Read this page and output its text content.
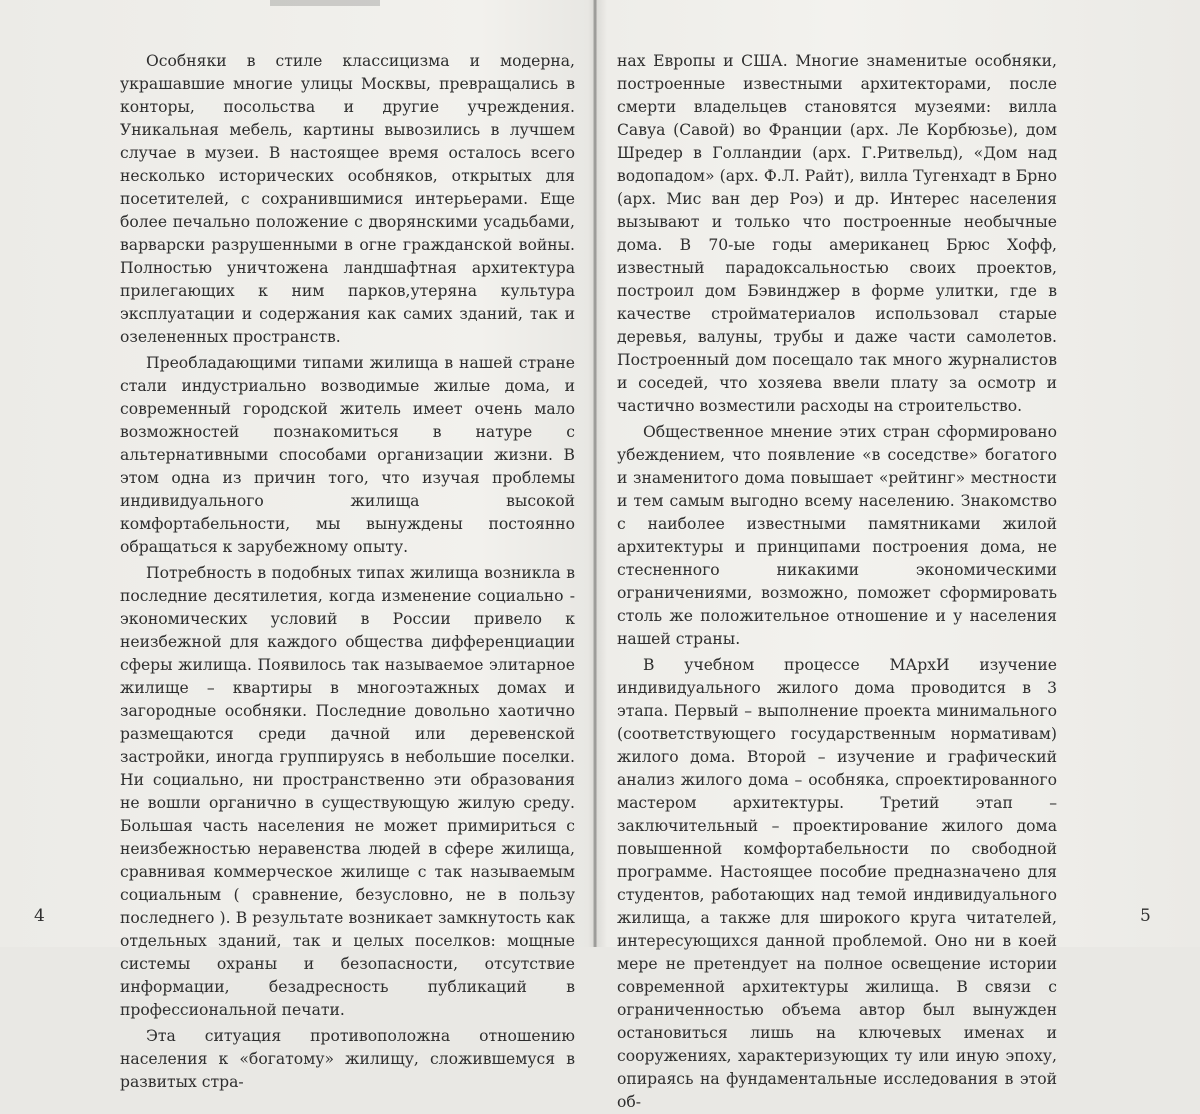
Особняки в стиле классицизма и модерна, украшавшие многие улицы Москвы, превращались в конторы, посольства и другие учреждения. Уникальная мебель, картины вывозились в лучшем случае в музеи. В настоящее время осталось всего несколько исторических особняков, открытых для посетителей, с сохранившимися интерьерами. Еще более печально положение с дворянскими усадьбами, варварски разрушенными в огне гражданской войны. Полностью уничтожена ландшафтная архитектура прилегающих к ним парков,утеряна культура эксплуатации и содержания как самих зданий, так и озелененных пространств.

Преобладающими типами жилища в нашей стране стали индустриально возводимые жилые дома, и современный городской житель имеет очень мало возможностей познакомиться в натуре с альтернативными способами организации жизни. В этом одна из причин того, что изучая проблемы индивидуального жилища высокой комфортабельности, мы вынуждены постоянно обращаться к зарубежному опыту.

Потребность в подобных типах жилища возникла в последние десятилетия, когда изменение социально - экономических условий в России привело к неизбежной для каждого общества дифференциации сферы жилища. Появилось так называемое элитарное жилище – квартиры в многоэтажных домах и загородные особняки. Последние довольно хаотично размещаются среди дачной или деревенской застройки, иногда группируясь в небольшие поселки. Ни социально, ни пространственно эти образования не вошли органично в существующую жилую среду. Большая часть населения не может примириться с неизбежностью неравенства людей в сфере жилища, сравнивая коммерческое жилище с так называемым социальным ( сравнение, безусловно, не в пользу последнего ). В результате возникает замкнутость как отдельных зданий, так и целых поселков: мощные системы охраны и безопасности, отсутствие информации, безадресность публикаций в профессиональной печати.

Эта ситуация противоположна отношению населения к «богатому» жилищу, сложившемуся в развитых стра-

нах Европы и США. Многие знаменитые особняки, построенные известными архитекторами, после смерти владельцев становятся музеями: вилла Савуа (Савой) во Франции (арх. Ле Корбюзье), дом Шредер в Голландии (арх. Г.Ритвельд), «Дом над водопадом» (арх. Ф.Л. Райт), вилла Тугенхадт в Брно (арх. Мис ван дер Роэ) и др. Интерес населения вызывают и только что построенные необычные дома. В 70-ые годы американец Брюс Хофф, известный парадоксальностью своих проектов, построил дом Бэвинджер в форме улитки, где в качестве стройматериалов использовал старые деревья, валуны, трубы и даже части самолетов. Построенный дом посещало так много журналистов и соседей, что хозяева ввели плату за осмотр и частично возместили расходы на строительство.

Общественное мнение этих стран сформировано убеждением, что появление «в соседстве» богатого и знаменитого дома повышает «рейтинг» местности и тем самым выгодно всему населению. Знакомство с наиболее известными памятниками жилой архитектуры и принципами построения дома, не стесненного никакими экономическими ограничениями, возможно, поможет сформировать столь же положительное отношение и у населения нашей страны.

В учебном процессе МАрхИ изучение индивидуального жилого дома проводится в 3 этапа. Первый – выполнение проекта минимального (соответствующего государственным нормативам) жилого дома. Второй – изучение и графический анализ жилого дома – особняка, спроектированного мастером архитектуры. Третий этап – заключительный – проектирование жилого дома повышенной комфортабельности по свободной программе. Настоящее пособие предназначено для студентов, работающих над темой индивидуального жилища, а также для широкого круга читателей, интересующихся данной проблемой. Оно ни в коей мере не претендует на полное освещение истории современной архитектуры жилища. В связи с ограниченностью объема автор был вынужден остановиться лишь на ключевых именах и сооружениях, характеризующих ту или иную эпоху, опираясь на фундаментальные исследования в этой об-

4	5
